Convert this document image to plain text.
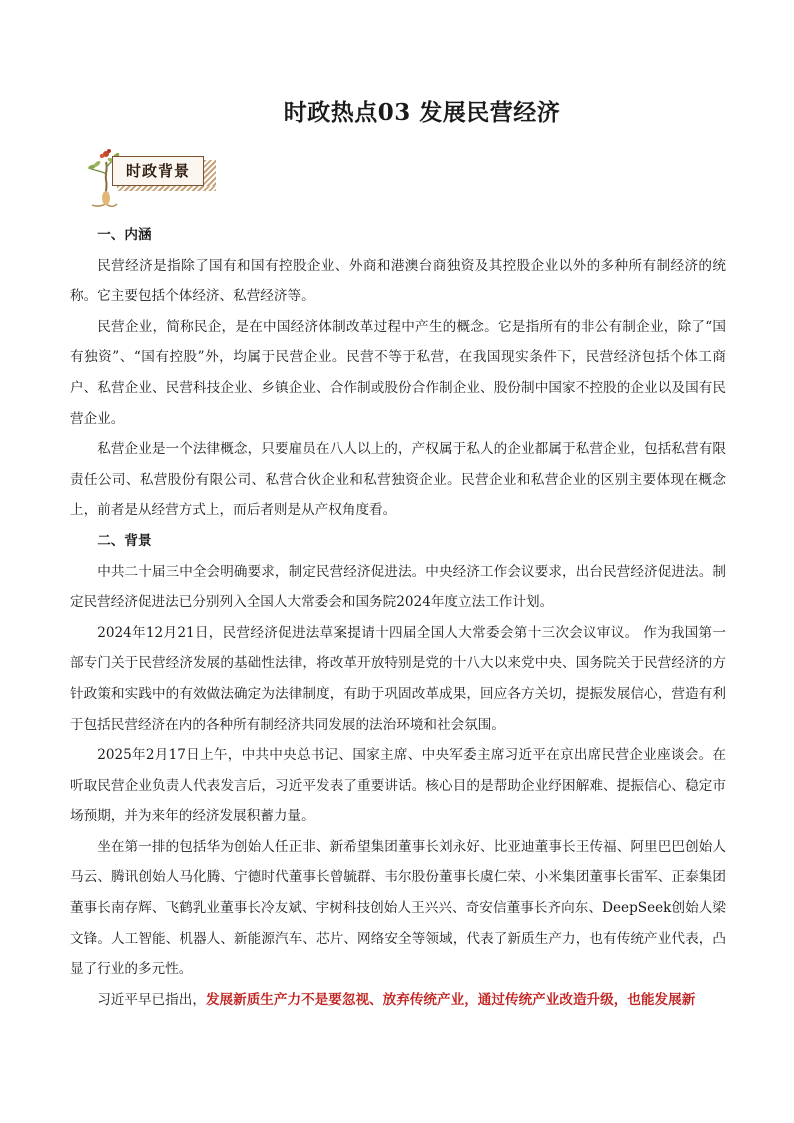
时政热点03 发展民营经济
时政背景
一、内涵

民营经济是指除了国有和国有控股企业、外商和港澳台商独资及其控股企业以外的多种所有制经济的统称。它主要包括个体经济、私营经济等。

民营企业，简称民企，是在中国经济体制改革过程中产生的概念。它是指所有的非公有制企业，除了“国有独资”、“国有控股”外，均属于民营企业。民营不等于私营，在我国现实条件下，民营经济包括个体工商户、私营企业、民营科技企业、乡镇企业、合作制或股份合作制企业、股份制中国家不控股的企业以及国有民营企业。

私营企业是一个法律概念，只要雇员在八人以上的，产权属于私人的企业都属于私营企业，包括私营有限责任公司、私营股份有限公司、私营合伙企业和私营独资企业。民营企业和私营企业的区别主要体现在概念上，前者是从经营方式上，而后者则是从产权角度看。

二、背景

中共二十届三中全会明确要求，制定民营经济促进法。中央经济工作会议要求，出台民营经济促进法。制定民营经济促进法已分别列入全国人大常委会和国务院2024年度立法工作计划。

2024年12月21日，民营经济促进法草案提请十四届全国人大常委会第十三次会议审议。 作为我国第一部专门关于民营经济发展的基础性法律，将改革开放特别是党的十八大以来党中央、国务院关于民营经济的方针政策和实践中的有效做法确定为法律制度，有助于巩固改革成果，回应各方关切，提振发展信心，营造有利于包括民营经济在内的各种所有制经济共同发展的法治环境和社会氛围。

2025年2月17日上午，中共中央总书记、国家主席、中央军委主席习近平在京出席民营企业座谈会。在听取民营企业负责人代表发言后，习近平发表了重要讲话。核心目的是帮助企业纾困解难、提振信心、稳定市场预期，并为来年的经济发展积蓄力量。

坐在第一排的包括华为创始人任正非、新希望集团董事长刘永好、比亚迪董事长王传福、阿里巴巴创始人马云、腾讯创始人马化腾、宁德时代董事长曾毓群、韦尔股份董事长虞仁荣、小米集团董事长雷军、正泰集团董事长南存辉、飞鹤乳业董事长冷友斌、宇树科技创始人王兴兴、奇安信董事长齐向东、DeepSeek创始人梁文锋。人工智能、机器人、新能源汽车、芯片、网络安全等领域，代表了新质生产力，也有传统产业代表，凸显了行业的多元性。

习近平早已指出，发展新质生产力不是要忽视、放弃传统产业，通过传统产业改造升级，也能发展新
